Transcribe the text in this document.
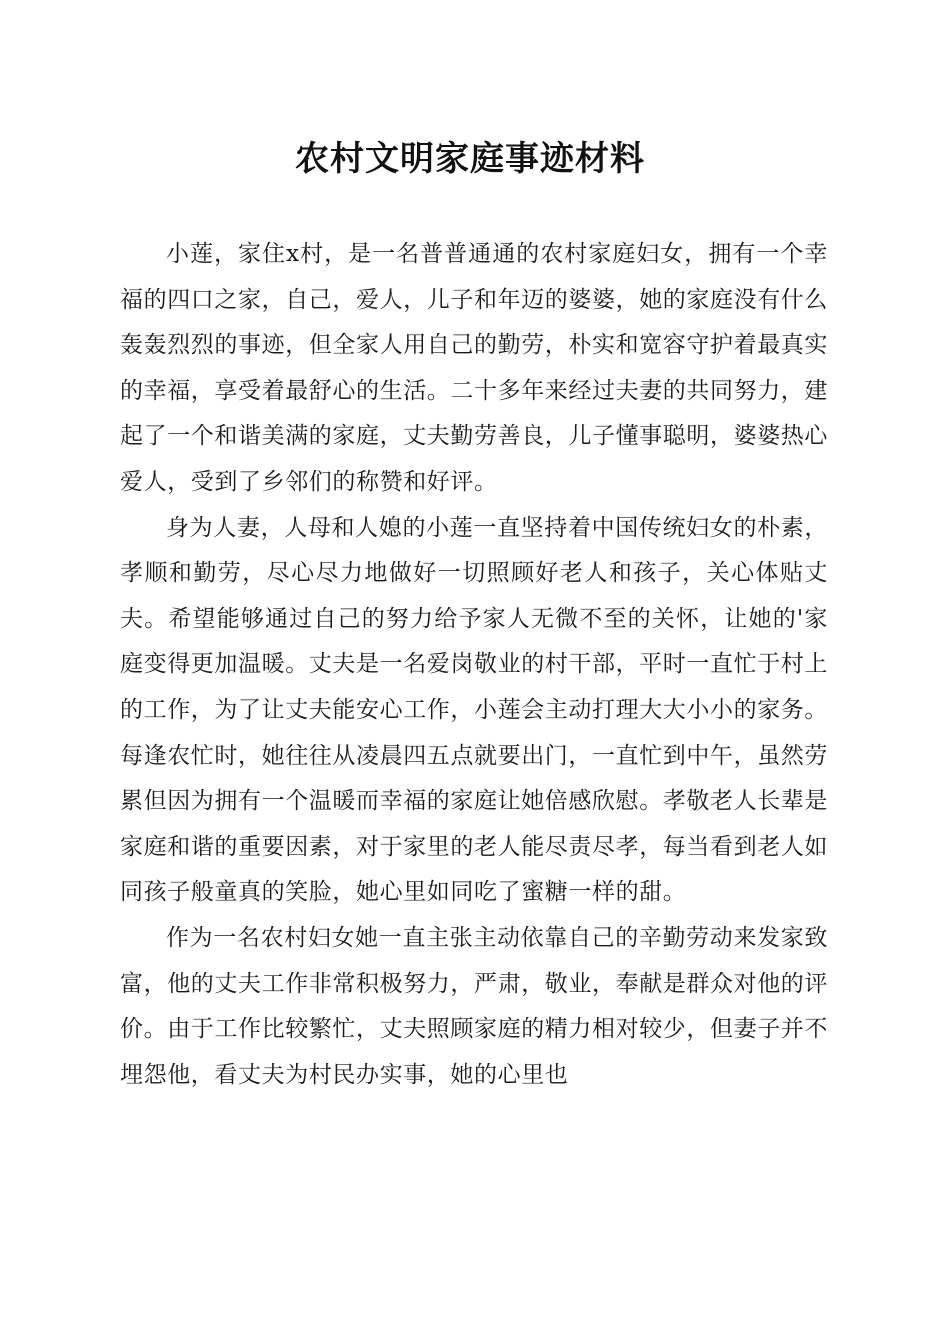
农村文明家庭事迹材料

小莲，家住x村，是一名普普通通的农村家庭妇女，拥有一个幸福的四口之家，自己，爱人，儿子和年迈的婆婆，她的家庭没有什么轰轰烈烈的事迹，但全家人用自己的勤劳，朴实和宽容守护着最真实的幸福，享受着最舒心的生活。二十多年来经过夫妻的共同努力，建起了一个和谐美满的家庭，丈夫勤劳善良，儿子懂事聪明，婆婆热心爱人，受到了乡邻们的称赞和好评。

身为人妻，人母和人媳的小莲一直坚持着中国传统妇女的朴素，孝顺和勤劳，尽心尽力地做好一切照顾好老人和孩子，关心体贴丈夫。希望能够通过自己的努力给予家人无微不至的关怀，让她的'家庭变得更加温暖。丈夫是一名爱岗敬业的村干部，平时一直忙于村上的工作，为了让丈夫能安心工作，小莲会主动打理大大小小的家务。每逢农忙时，她往往从凌晨四五点就要出门，一直忙到中午，虽然劳累但因为拥有一个温暖而幸福的家庭让她倍感欣慰。孝敬老人长辈是家庭和谐的重要因素，对于家里的老人能尽责尽孝，每当看到老人如同孩子般童真的笑脸，她心里如同吃了蜜糖一样的甜。

作为一名农村妇女她一直主张主动依靠自己的辛勤劳动来发家致富，他的丈夫工作非常积极努力，严肃，敬业，奉献是群众对他的评价。由于工作比较繁忙，丈夫照顾家庭的精力相对较少，但妻子并不埋怨他，看丈夫为村民办实事，她的心里也
